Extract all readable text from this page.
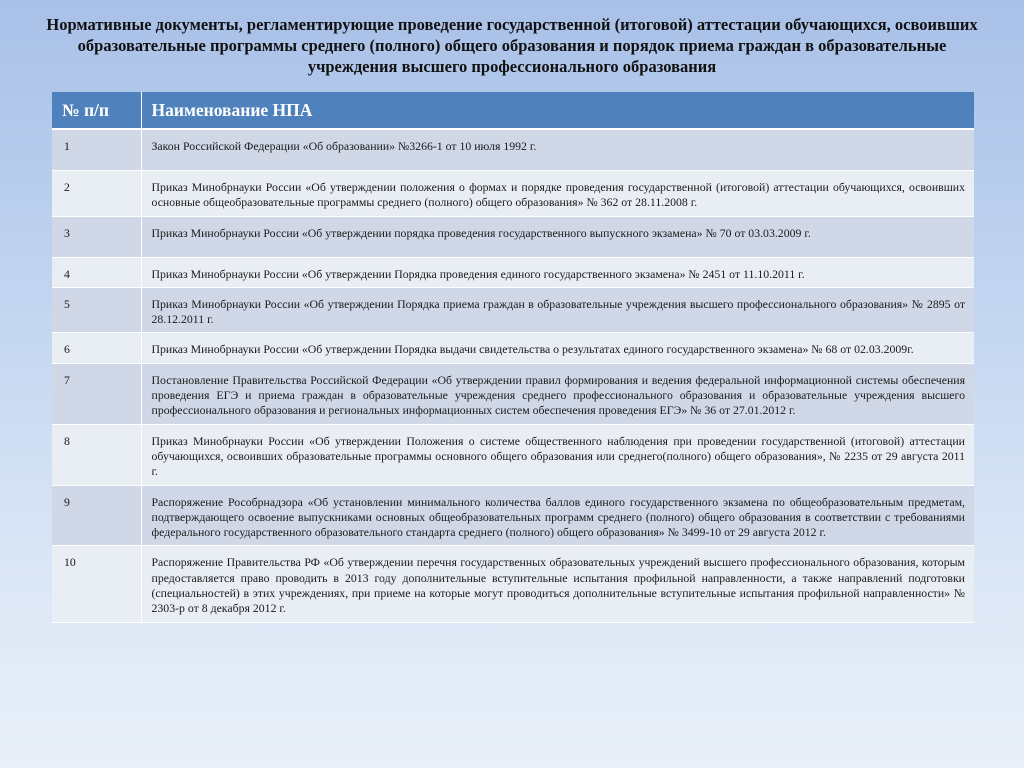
Нормативные документы, регламентирующие проведение государственной (итоговой) аттестации обучающихся, освоивших образовательные программы среднего (полного) общего образования и порядок приема граждан в образовательные учреждения высшего профессионального образования
№ п/п	Наименование НПА
1	Закон Российской Федерации «Об образовании» №3266-1 от 10 июля 1992 г.
2	Приказ Минобрнауки России «Об утверждении положения о формах и порядке проведения государственной (итоговой) аттестации обучающихся, освоивших основные общеобразовательные программы среднего (полного) общего образования» № 362 от 28.11.2008 г.
3	Приказ Минобрнауки России «Об утверждении порядка проведения государственного выпускного экзамена» № 70 от 03.03.2009 г.
4	Приказ Минобрнауки России «Об утверждении Порядка проведения единого государственного экзамена» № 2451 от 11.10.2011 г.
5	Приказ Минобрнауки России «Об утверждении Порядка приема граждан в образовательные учреждения высшего профессионального образования» № 2895 от 28.12.2011 г.
6	Приказ Минобрнауки России «Об утверждении Порядка выдачи свидетельства о результатах единого государственного экзамена» № 68 от 02.03.2009г.
7	Постановление Правительства Российской Федерации «Об утверждении правил формирования и ведения федеральной информационной системы обеспечения проведения ЕГЭ и приема граждан в образовательные учреждения среднего профессионального образования и образовательные учреждения высшего профессионального образования и региональных информационных систем обеспечения проведения ЕГЭ» № 36 от 27.01.2012 г.
8	Приказ Минобрнауки России «Об утверждении Положения о системе общественного наблюдения при проведении государственной (итоговой) аттестации обучающихся, освоивших образовательные программы основного общего образования или среднего(полного) общего образования», № 2235 от 29 августа 2011 г.
9	Распоряжение Рособрнадзора «Об установлении минимального количества баллов единого государственного экзамена по общеобразовательным предметам, подтверждающего освоение выпускниками основных общеобразовательных программ среднего (полного) общего образования в соответствии с требованиями федерального государственного образовательного стандарта среднего (полного) общего образования» № 3499-10 от 29 августа 2012 г.
10	Распоряжение Правительства РФ «Об утверждении перечня государственных образовательных учреждений высшего профессионального образования, которым предоставляется право проводить в 2013 году дополнительные вступительные испытания профильной направленности, а также направлений подготовки (специальностей) в этих учреждениях, при приеме на которые могут проводиться дополнительные вступительные испытания профильной направленности» № 2303-р от 8 декабря 2012 г.
